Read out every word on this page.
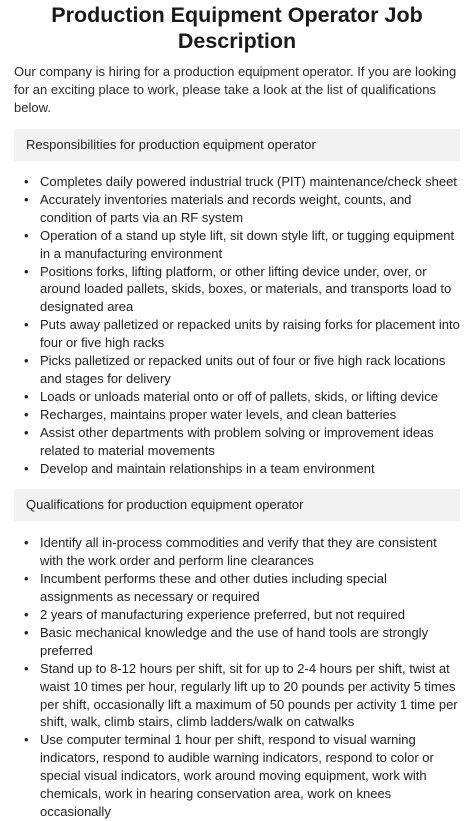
Production Equipment Operator Job Description

Our company is hiring for a production equipment operator. If you are looking for an exciting place to work, please take a look at the list of qualifications below.

Responsibilities for production equipment operator
• Completes daily powered industrial truck (PIT) maintenance/check sheet
• Accurately inventories materials and records weight, counts, and condition of parts via an RF system
• Operation of a stand up style lift, sit down style lift, or tugging equipment in a manufacturing environment
• Positions forks, lifting platform, or other lifting device under, over, or around loaded pallets, skids, boxes, or materials, and transports load to designated area
• Puts away palletized or repacked units by raising forks for placement into four or five high racks
• Picks palletized or repacked units out of four or five high rack locations and stages for delivery
• Loads or unloads material onto or off of pallets, skids, or lifting device
• Recharges, maintains proper water levels, and clean batteries
• Assist other departments with problem solving or improvement ideas related to material movements
• Develop and maintain relationships in a team environment
Qualifications for production equipment operator
• Identify all in-process commodities and verify that they are consistent with the work order and perform line clearances
• Incumbent performs these and other duties including special assignments as necessary or required
• 2 years of manufacturing experience preferred, but not required
• Basic mechanical knowledge and the use of hand tools are strongly preferred
• Stand up to 8-12 hours per shift, sit for up to 2-4 hours per shift, twist at waist 10 times per hour, regularly lift up to 20 pounds per activity 5 times per shift, occasionally lift a maximum of 50 pounds per activity 1 time per shift, walk, climb stairs, climb ladders/walk on catwalks
• Use computer terminal 1 hour per shift, respond to visual warning indicators, respond to audible warning indicators, respond to color or special visual indicators, work around moving equipment, work with chemicals, work in hearing conservation area, work on knees occasionally
